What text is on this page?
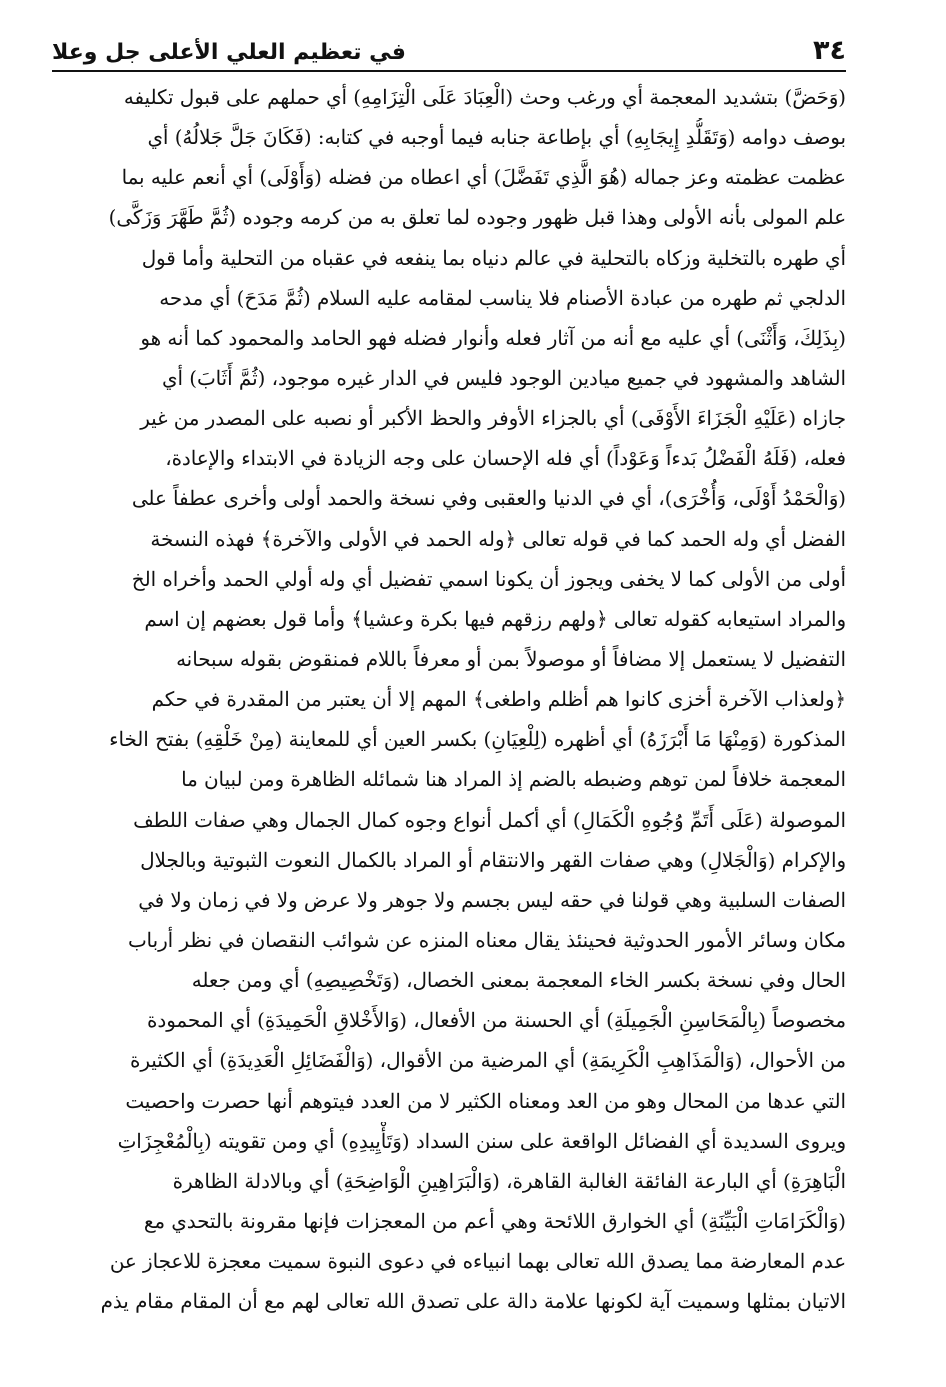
٣٤
في تعظيم العلي الأعلى جل وعلا
(وَحَضَّ) بتشديد المعجمة أي ورغب وحث (الْعِبَادَ عَلَى الْتِزَامِهِ) أي حملهم على قبول تكليفه
بوصف دوامه (وَتَقَلُّدِ إِيجَابِهِ) أي بإطاعة جنابه فيما أوجبه في كتابه: (فَكَانَ جَلَّ جَلالُهُ) أي
عظمت عظمته وعز جماله (هُوَ الَّذِي تَفَضَّلَ) أي اعطاه من فضله (وَأَوْلَى) أي أنعم عليه بما
علم المولى بأنه الأولى وهذا قبل ظهور وجوده لما تعلق به من كرمه وجوده (ثُمَّ طَهَّرَ وَزَكَّى)
أي طهره بالتخلية وزكاه بالتحلية في عالم دنياه بما ينفعه في عقباه من التحلية وأما قول
الدلجي ثم طهره من عبادة الأصنام فلا يناسب لمقامه عليه السلام (ثُمَّ مَدَحَ) أي مدحه
(بِذَلِكَ، وَأَثْنَى) أي عليه مع أنه من آثار فعله وأنوار فضله فهو الحامد والمحمود كما أنه هو
الشاهد والمشهود في جميع ميادين الوجود فليس في الدار غيره موجود، (ثُمَّ أَثَابَ) أي
جازاه (عَلَيْهِ الْجَزَاءَ الأَوْفَى) أي بالجزاء الأوفر والحظ الأكبر أو نصبه على المصدر من غير
فعله، (فَلَهُ الْفَضْلُ بَدءاً وَعَوْداً) أي فله الإحسان على وجه الزيادة في الابتداء والإعادة،
(وَالْحَمْدُ أَوْلَى، وَأُخْرَى)، أي في الدنيا والعقبى وفي نسخة والحمد أولى وأخرى عطفاً على
الفضل أي وله الحمد كما في قوله تعالى ﴿وله الحمد في الأولى والآخرة﴾ فهذه النسخة
أولى من الأولى كما لا يخفى ويجوز أن يكونا اسمي تفضيل أي وله أولي الحمد وأخراه الخ
والمراد استيعابه كقوله تعالى ﴿ولهم رزقهم فيها بكرة وعشيا﴾ وأما قول بعضهم إن اسم
التفضيل لا يستعمل إلا مضافاً أو موصولاً بمن أو معرفاً باللام فمنقوض بقوله سبحانه
﴿ولعذاب الآخرة أخزى كانوا هم أظلم واطغى﴾ المهم إلا أن يعتبر من المقدرة في حكم
المذكورة (وَمِنْهَا مَا أَبْرَزَهُ) أي أظهره (لِلْعِيَانِ) بكسر العين أي للمعاينة (مِنْ خَلْقِهِ) بفتح الخاء
المعجمة خلافاً لمن توهم وضبطه بالضم إذ المراد هنا شمائله الظاهرة ومن لبيان ما
الموصولة (عَلَى أَتَمِّ وُجُوهِ الْكَمَالِ) أي أكمل أنواع وجوه كمال الجمال وهي صفات اللطف
والإكرام (وَالْجَلالِ) وهي صفات القهر والانتقام أو المراد بالكمال النعوت الثبوتية وبالجلال
الصفات السلبية وهي قولنا في حقه ليس بجسم ولا جوهر ولا عرض ولا في زمان ولا في
مكان وسائر الأمور الحدوثية فحينئذ يقال معناه المنزه عن شوائب النقصان في نظر أرباب
الحال وفي نسخة بكسر الخاء المعجمة بمعنى الخصال، (وَتَخْصِيصِهِ) أي ومن جعله
مخصوصاً (بِالْمَحَاسِنِ الْجَمِيلَةِ) أي الحسنة من الأفعال، (وَالأَخْلاقِ الْحَمِيدَةِ) أي المحمودة
من الأحوال، (وَالْمَذَاهِبِ الْكَرِيمَةِ) أي المرضية من الأقوال، (وَالْفَضَائِلِ الْعَدِيدَةِ) أي الكثيرة
التي عدها من المحال وهو من العد ومعناه الكثير لا من العدد فيتوهم أنها حصرت واحصيت
ويروى السديدة أي الفضائل الواقعة على سنن السداد (وَتَأْيِيدِهِ) أي ومن تقويته (بِالْمُعْجِزَاتِ
الْبَاهِرَةِ) أي البارعة الفائقة الغالبة القاهرة، (وَالْبَرَاهِينِ الْوَاضِحَةِ) أي وبالادلة الظاهرة
(وَالْكَرَامَاتِ الْبَيِّنَةِ) أي الخوارق اللائحة وهي أعم من المعجزات فإنها مقرونة بالتحدي مع
عدم المعارضة مما يصدق الله تعالى بهما انبياءه في دعوى النبوة سميت معجزة للاعجاز عن
الاتيان بمثلها وسميت آية لكونها علامة دالة على تصدق الله تعالى لهم مع أن المقام مقام يذم
